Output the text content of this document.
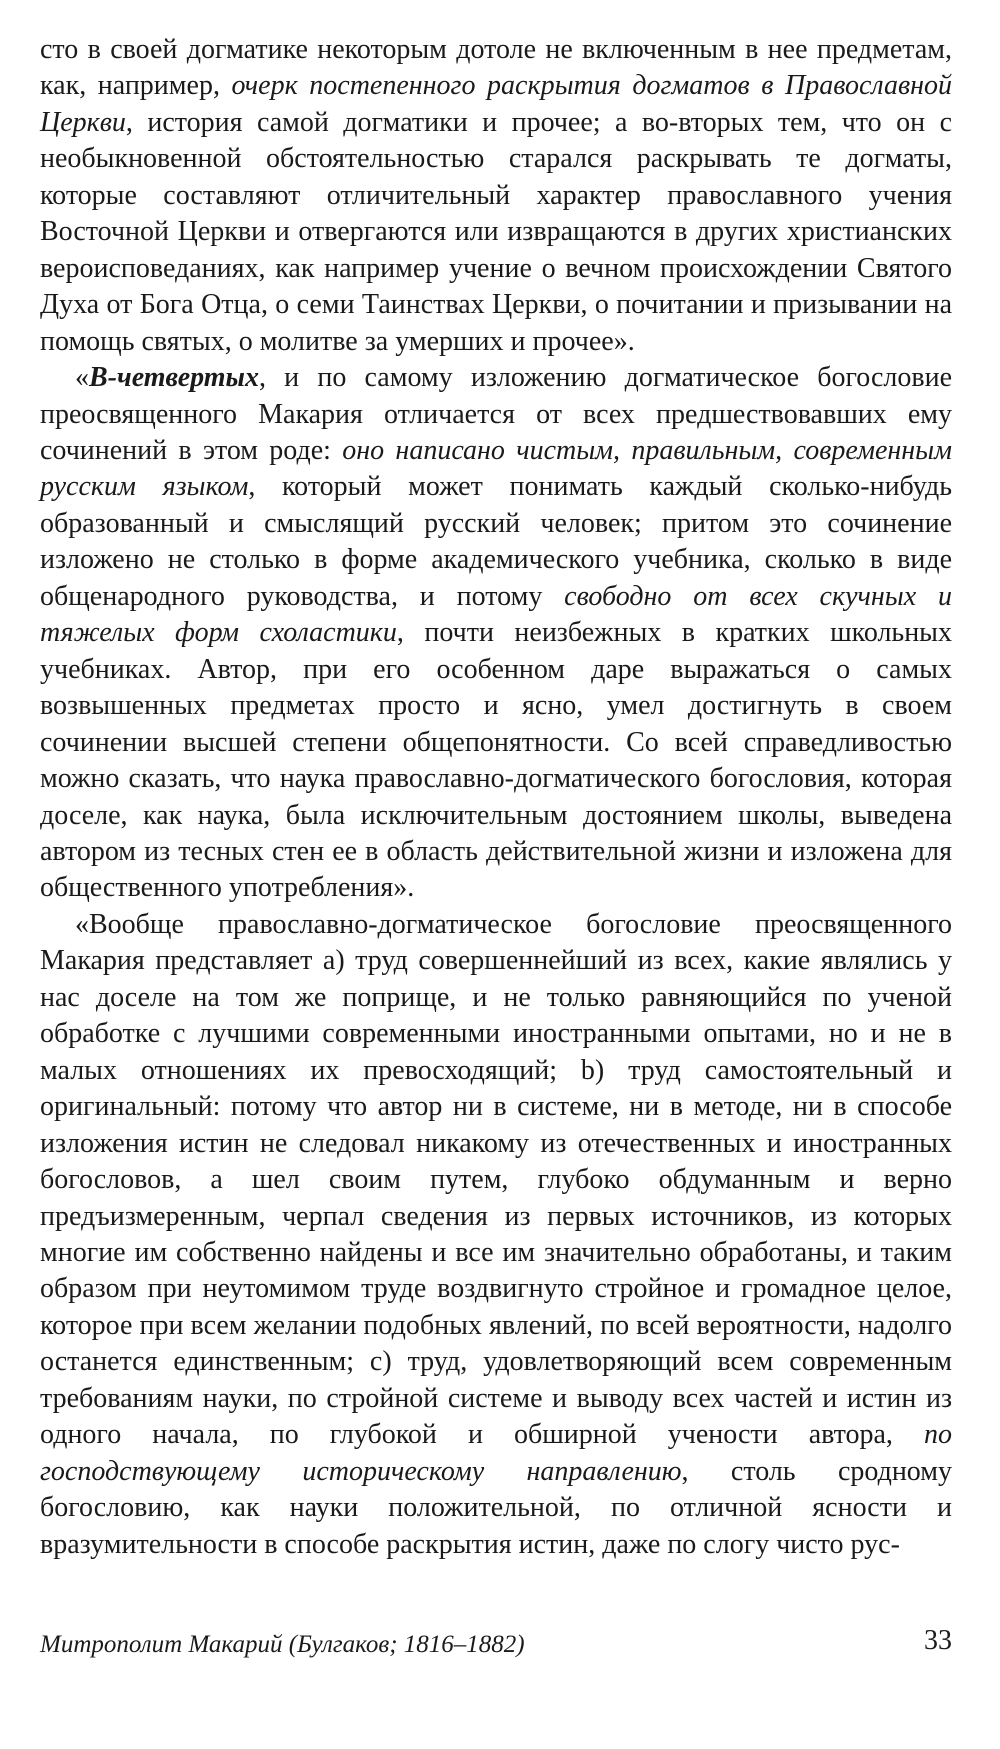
сто в своей догматике некоторым дотоле не включенным в нее предметам, как, например, очерк постепенного раскрытия догматов в Православной Церкви, история самой догматики и прочее; а во-вторых тем, что он с необыкновенной обстоятельностью старался раскрывать те догматы, которые составляют отличительный характер православного учения Восточной Церкви и отвергаются или извращаются в других христианских вероисповеданиях, как например учение о вечном происхождении Святого Духа от Бога Отца, о семи Таинствах Церкви, о почитании и призывании на помощь святых, о молитве за умерших и прочее».

«В-четвертых, и по самому изложению догматическое богословие преосвященного Макария отличается от всех предшествовавших ему сочинений в этом роде: оно написано чистым, правильным, современным русским языком, который может понимать каждый сколько-нибудь образованный и смыслящий русский человек; притом это сочинение изложено не столько в форме академического учебника, сколько в виде общенародного руководства, и потому свободно от всех скучных и тяжелых форм схоластики, почти неизбежных в кратких школьных учебниках. Автор, при его особенном даре выражаться о самых возвышенных предметах просто и ясно, умел достигнуть в своем сочинении высшей степени общепонятности. Со всей справедливостью можно сказать, что наука православно-догматического богословия, которая доселе, как наука, была исключительным достоянием школы, выведена автором из тесных стен ее в область действительной жизни и изложена для общественного употребления».

«Вообще православно-догматическое богословие преосвященного Макария представляет a) труд совершеннейший из всех, какие являлись у нас доселе на том же поприще, и не только равняющийся по ученой обработке с лучшими современными иностранными опытами, но и не в малых отношениях их превосходящий; b) труд самостоятельный и оригинальный: потому что автор ни в системе, ни в методе, ни в способе изложения истин не следовал никакому из отечественных и иностранных богословов, а шел своим путем, глубоко обдуманным и верно предъизмеренным, черпал сведения из первых источников, из которых многие им собственно найдены и все им значительно обработаны, и таким образом при неутомимом труде воздвигнуто стройное и громадное целое, которое при всем желании подобных явлений, по всей вероятности, надолго останется единственным; c) труд, удовлетворяющий всем современным требованиям науки, по стройной системе и выводу всех частей и истин из одного начала, по глубокой и обширной учености автора, по господствующему историческому направлению, столь сродному богословию, как науки положительной, по отличной ясности и вразумительности в способе раскрытия истин, даже по слогу чисто рус-

Митрополит Макарий (Булгаков; 1816–1882)	33
